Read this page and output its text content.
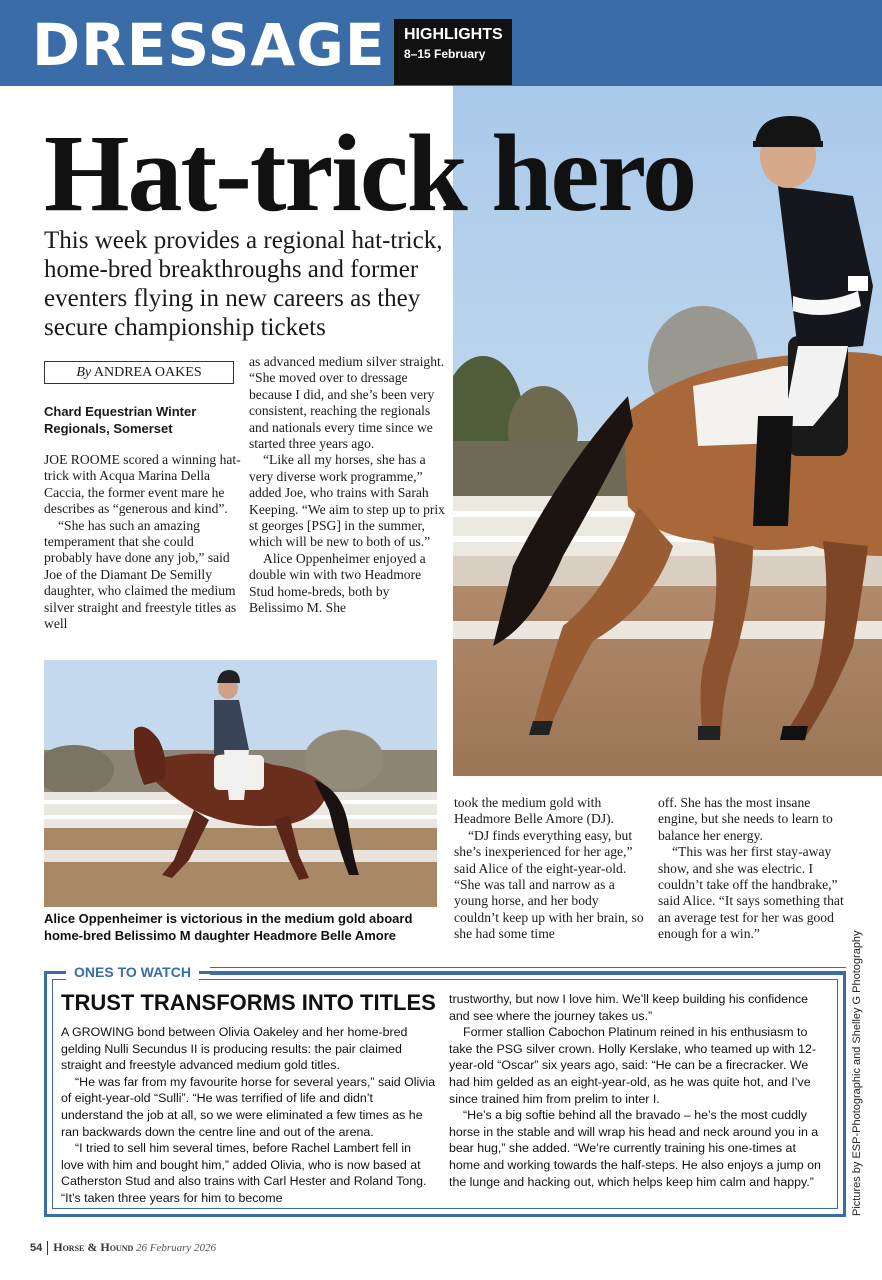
DRESSAGE HIGHLIGHTS
8–15 February
Hat-trick hero
This week provides a regional hat-trick, home-bred breakthroughs and former eventers flying in new careers as they secure championship tickets
By ANDREA OAKES
Chard Equestrian Winter Regionals, Somerset

JOE ROOME scored a winning hat-trick with Acqua Marina Della Caccia, the former event mare he describes as “generous and kind”.

“She has such an amazing temperament that she could probably have done any job,” said Joe of the Diamant De Semilly daughter, who claimed the medium silver straight and freestyle titles as well

as advanced medium silver straight. “She moved over to dressage because I did, and she’s been very consistent, reaching the regionals and nationals every time since we started three years ago.

“Like all my horses, she has a very diverse work programme,” added Joe, who trains with Sarah Keeping. “We aim to step up to prix st georges [PSG] in the summer, which will be new to both of us.”

Alice Oppenheimer enjoyed a double win with two Headmore Stud home-breds, both by Belissimo M. She

took the medium gold with Headmore Belle Amore (DJ).

“DJ finds everything easy, but she’s inexperienced for her age,” said Alice of the eight-year-old. “She was tall and narrow as a young horse, and her body couldn’t keep up with her brain, so she had some time

off. She has the most insane engine, but she needs to learn to balance her energy.

“This was her first stay-away show, and she was electric. I couldn’t take off the handbrake,” said Alice. “It says something that an average test for her was good enough for a win.”

Alice Oppenheimer is victorious in the medium gold aboard home-bred Belissimo M daughter Headmore Belle Amore	Pictures by ESP-Photographic and Shelley G Photography
ONES TO WATCH
TRUST TRANSFORMS INTO TITLES

A GROWING bond between Olivia Oakeley and her home-bred gelding Nulli Secundus II is producing results: the pair claimed straight and freestyle advanced medium gold titles.

“He was far from my favourite horse for several years,” said Olivia of eight-year-old “Sulli”. “He was terrified of life and didn’t understand the job at all, so we were eliminated a few times as he ran backwards down the centre line and out of the arena.

“I tried to sell him several times, before Rachel Lambert fell in love with him and bought him,” added Olivia, who is now based at Catherston Stud and also trains with Carl Hester and Roland Tong. “It’s taken three years for him to become

trustworthy, but now I love him. We’ll keep building his confidence and see where the journey takes us.”

Former stallion Cabochon Platinum reined in his enthusiasm to take the PSG silver crown. Holly Kerslake, who teamed up with 12-year-old “Oscar” six years ago, said: “He can be a firecracker. We had him gelded as an eight-year-old, as he was quite hot, and I’ve since trained him from prelim to inter I.

“He’s a big softie behind all the bravado – he’s the most cuddly horse in the stable and will wrap his head and neck around you in a bear hug,” she added. “We’re currently training his one-times at home and working towards the half-steps. He also enjoys a jump on the lunge and hacking out, which helps keep him calm and happy.”

54 Horse & Hound 26 February 2026
